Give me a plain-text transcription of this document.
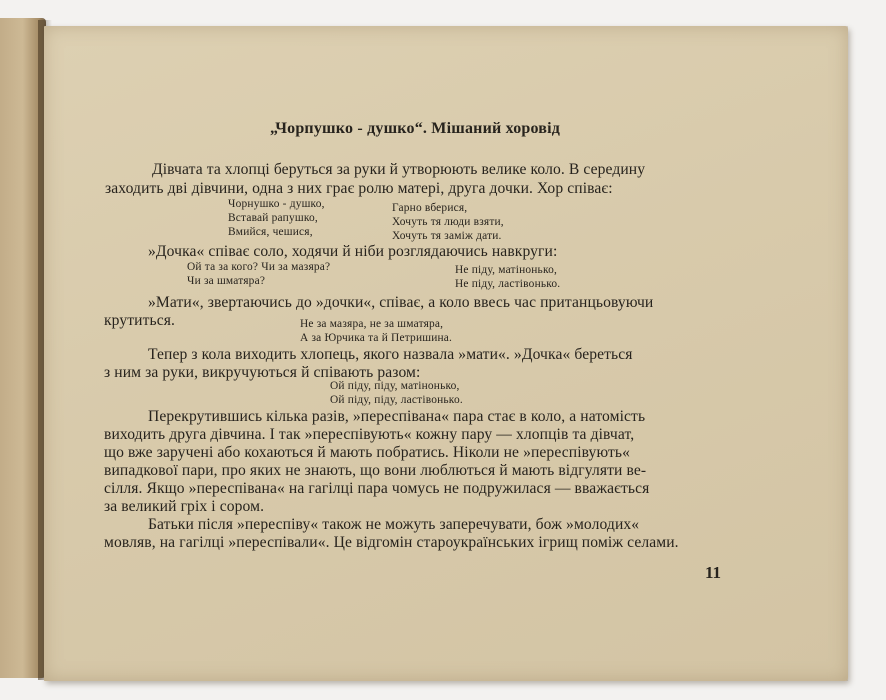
„Чорпушко - душко“. Мішаний хоровід
Дівчата та хлопці беруться за руки й утворюють велике коло. В середину
заходить дві дівчини, одна з них грає ролю матері, друга дочки. Хор співає:
Чорнушко - душко,
Вставай рапушко,
Вмийся, чешися,
Гарно вберися,
Хочуть тя люди взяти,
Хочуть тя заміж дати.
»Дочка« співає соло, ходячи й ніби розглядаючись навкруги:
Ой та за кого? Чи за мазяра?
Чи за шматяра?
Не піду, матінонько,
Не піду, ластівонько.
»Мати«, звертаючись до »дочки«, співає, а коло ввесь час пританцьовуючи
крутиться.	Не за мазяра, не за шматяра,
А за Юрчика та й Петришина.
Тепер з кола виходить хлопець, якого назвала »мати«. »Дочка« береться
з ним за руки, викручуються й співають разом:
Ой піду, піду, матінонько,
Ой піду, піду, ластівонько.
Перекрутившись кілька разів, »переспівана« пара стає в коло, а натомість
виходить друга дівчина. І так »переспівують« кожну пару — хлопців та дівчат,
що вже заручені або кохаються й мають побратись. Ніколи не »переспівують«
випадкової пари, про яких не знають, що вони люблються й мають відгуляти ве-
сілля. Якщо »переспівана« на гагілці пара чомусь не подружилася — вважається
за великий гріх і сором.
Батьки після »переспіву« також не можуть заперечувати, бож »молодих«
мовляв, на гагілці »переспівали«. Це відгомін староукраїнських ігрищ поміж селами.
11
